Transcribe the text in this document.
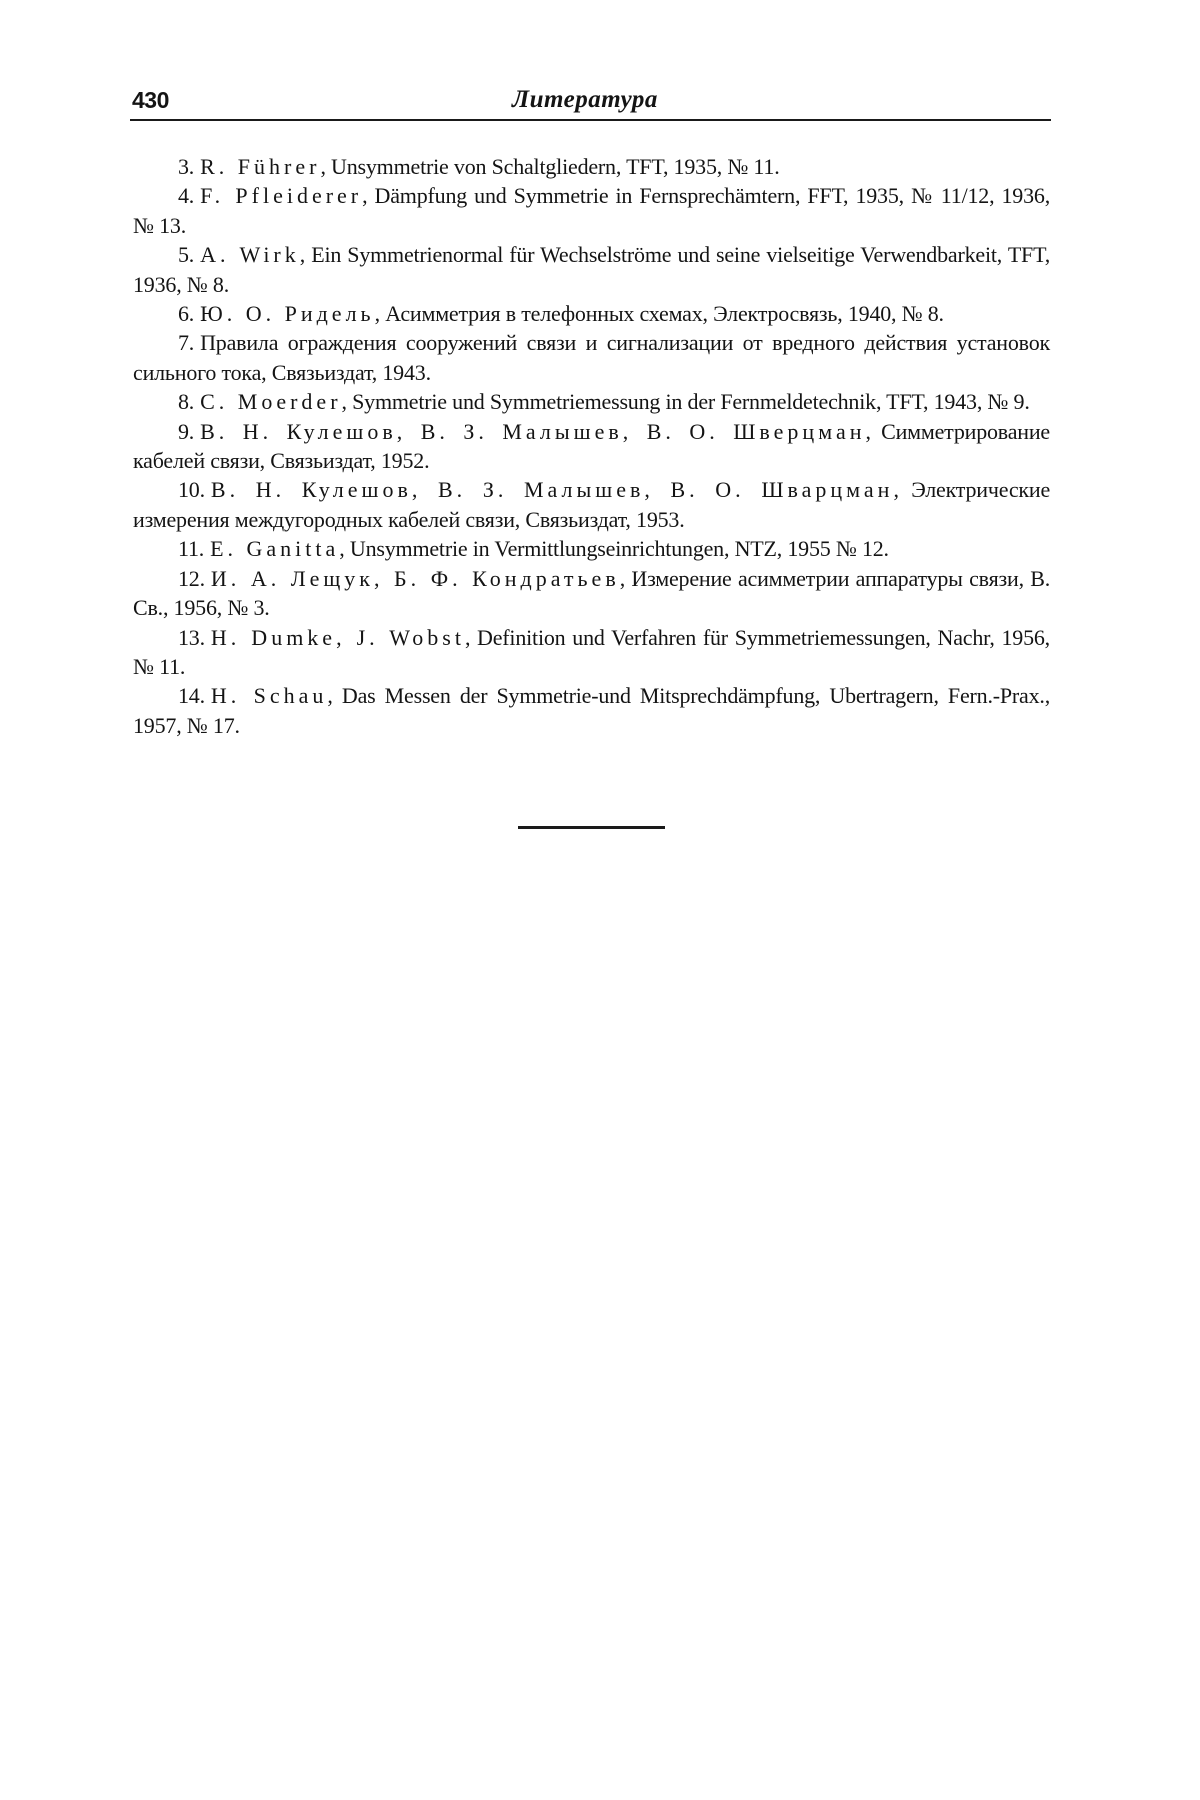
430	Литература
3. R. Führer, Unsymmetrie von Schaltgliedern, TFT, 1935, № 11.
4. F. Pfleiderer, Dämpfung und Symmetrie in Fernsprechämtern, FFT, 1935, № 11/12, 1936, № 13.
5. A. Wirk, Ein Symmetrienormal für Wechselströme und seine vielseitige Verwendbarkeit, TFT, 1936, № 8.
6. Ю. О. Ридель, Асимметрия в телефонных схемах, Электросвязь, 1940, № 8.
7. Правила ограждения сооружений связи и сигнализации от вредного действия установок сильного тока, Связьиздат, 1943.
8. C. Moerder, Symmetrie und Symmetriemessung in der Fernmeldetechnik, TFT, 1943, № 9.
9. В. Н. Кулешов, В. З. Малышев, В. О. Шверцман, Симметрирование кабелей связи, Связьиздат, 1952.
10. В. Н. Кулешов, В. З. Малышев, В. О. Шварцман, Электрические измерения междугородных кабелей связи, Связьиздат, 1953.
11. E. Ganitta, Unsymmetrie in Vermittlungseinrichtungen, NTZ, 1955 № 12.
12. И. А. Лещук, Б. Ф. Кондратьев, Измерение асимметрии аппаратуры связи, В. Св., 1956, № 3.
13. H. Dumke, J. Wobst, Definition und Verfahren für Symmetriemessungen, Nachr, 1956, № 11.
14. H. Schau, Das Messen der Symmetrie-und Mitsprechdämpfung, Ubertragern, Fern.-Prax., 1957, № 17.
